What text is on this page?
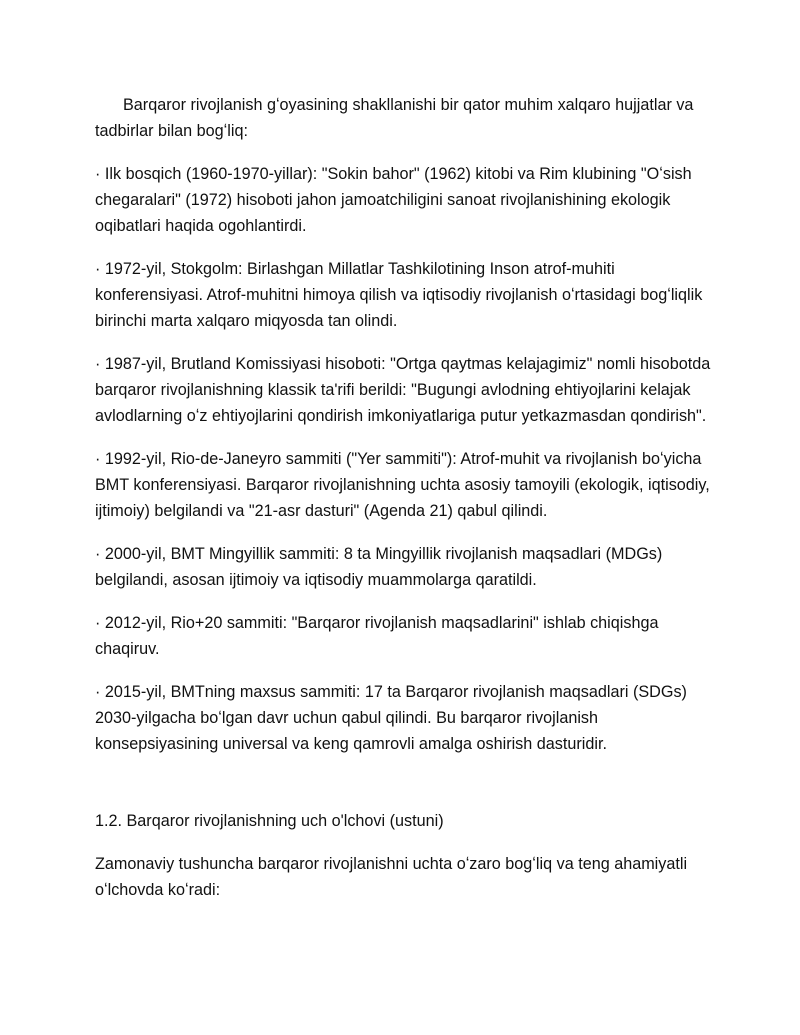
Barqaror rivojlanish gʻoyasining shakllanishi bir qator muhim xalqaro hujjatlar va tadbirlar bilan bogʻliq:

· Ilk bosqich (1960-1970-yillar): "Sokin bahor" (1962) kitobi va Rim klubining "Oʻsish chegaralari" (1972) hisoboti jahon jamoatchiligini sanoat rivojlanishining ekologik oqibatlari haqida ogohlantirdi.

· 1972-yil, Stokgolm: Birlashgan Millatlar Tashkilotining Inson atrof-muhiti konferensiyasi. Atrof-muhitni himoya qilish va iqtisodiy rivojlanish oʻrtasidagi bogʻliqlik birinchi marta xalqaro miqyosda tan olindi.

· 1987-yil, Brutland Komissiyasi hisoboti: "Ortga qaytmas kelajagimiz" nomli hisobotda barqaror rivojlanishning klassik ta'rifi berildi: "Bugungi avlodning ehtiyojlarini kelajak avlodlarning oʻz ehtiyojlarini qondirish imkoniyatlariga putur yetkazmasdan qondirish".

· 1992-yil, Rio-de-Janeyro sammiti ("Yer sammiti"): Atrof-muhit va rivojlanish boʻyicha BMT konferensiyasi. Barqaror rivojlanishning uchta asosiy tamoyili (ekologik, iqtisodiy, ijtimoiy) belgilandi va "21-asr dasturi" (Agenda 21) qabul qilindi.

· 2000-yil, BMT Mingyillik sammiti: 8 ta Mingyillik rivojlanish maqsadlari (MDGs) belgilandi, asosan ijtimoiy va iqtisodiy muammolarga qaratildi.

· 2012-yil, Rio+20 sammiti: "Barqaror rivojlanish maqsadlarini" ishlab chiqishga chaqiruv.

· 2015-yil, BMTning maxsus sammiti: 17 ta Barqaror rivojlanish maqsadlari (SDGs) 2030-yilgacha boʻlgan davr uchun qabul qilindi. Bu barqaror rivojlanish konsepsiyasining universal va keng qamrovli amalga oshirish dasturidir.

1.2. Barqaror rivojlanishning uch o'lchovi (ustuni)

Zamonaviy tushuncha barqaror rivojlanishni uchta oʻzaro bogʻliq va teng ahamiyatli oʻlchovda koʻradi:
